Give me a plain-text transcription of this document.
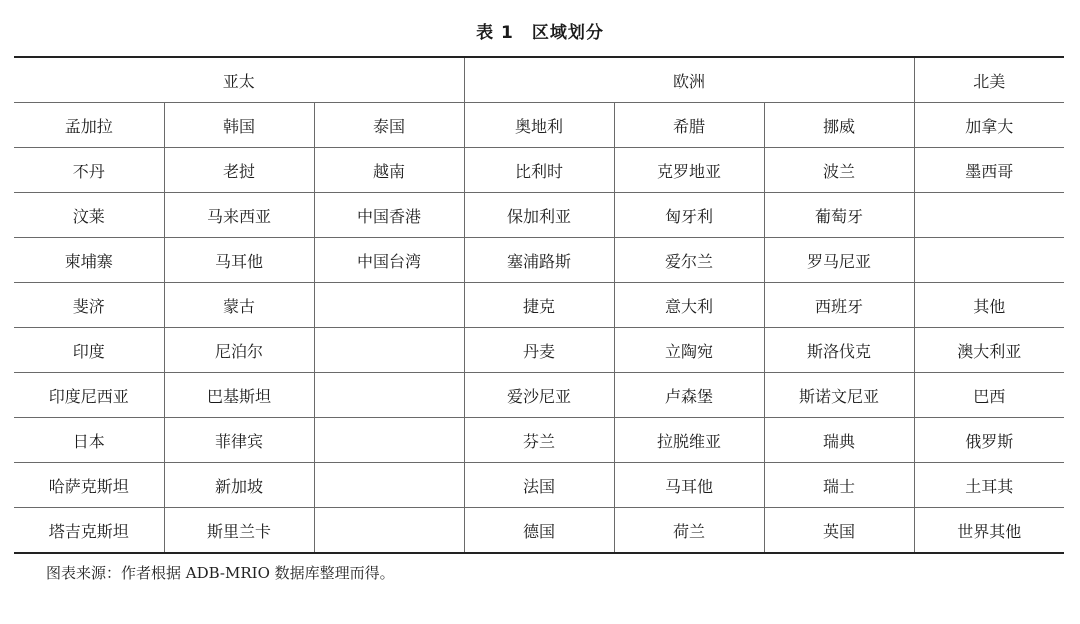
表 1 区域划分
亚太			欧洲			北美
孟加拉	韩国	泰国	奥地利	希腊	挪威	加拿大
不丹	老挝	越南	比利时	克罗地亚	波兰	墨西哥
汶莱	马来西亚	中国香港	保加利亚	匈牙利	葡萄牙	
柬埔寨	马耳他	中国台湾	塞浦路斯	爱尔兰	罗马尼亚	
斐济	蒙古		捷克	意大利	西班牙	其他
印度	尼泊尔		丹麦	立陶宛	斯洛伐克	澳大利亚
印度尼西亚	巴基斯坦		爱沙尼亚	卢森堡	斯诺文尼亚	巴西
日本	菲律宾		芬兰	拉脱维亚	瑞典	俄罗斯
哈萨克斯坦	新加坡		法国	马耳他	瑞士	土耳其
塔吉克斯坦	斯里兰卡		德国	荷兰	英国	世界其他
图表来源：作者根据 ADB-MRIO 数据库整理而得。
